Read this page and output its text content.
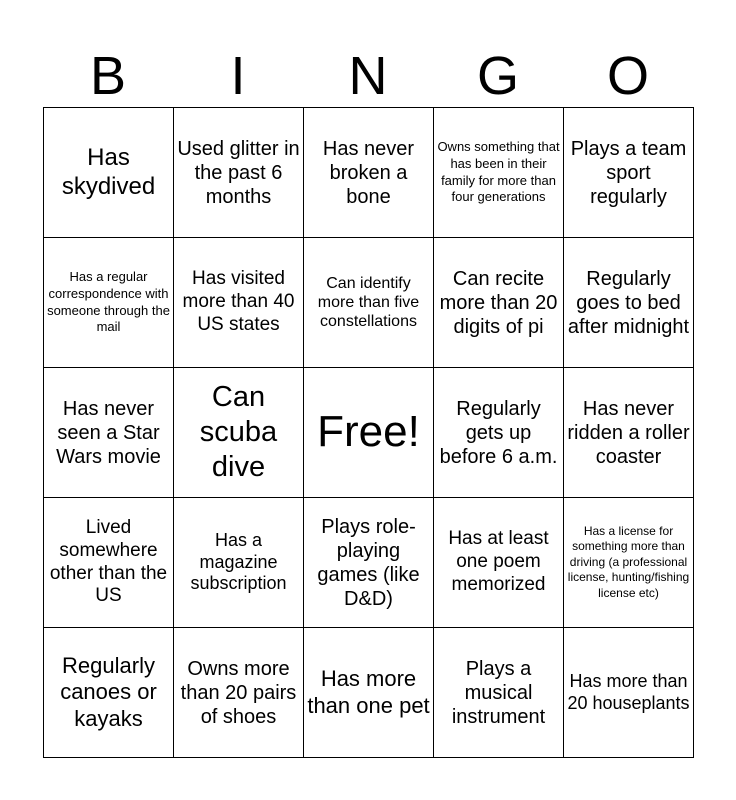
B	I	N	G	O
Has skydived	Used glitter in the past 6 months	Has never broken a bone	Owns something that has been in their family for more than four generations	Plays a team sport regularly
Has a regular correspondence with someone through the mail	Has visited more than 40 US states	Can identify more than five constellations	Can recite more than 20 digits of pi	Regularly goes to bed after midnight
Has never seen a Star Wars movie	Can scuba dive	Free!	Regularly gets up before 6 a.m.	Has never ridden a roller coaster
Lived somewhere other than the US	Has a magazine subscription	Plays role-playing games (like D&D)	Has at least one poem memorized	Has a license for something more than driving (a professional license, hunting/fishing license etc)
Regularly canoes or kayaks	Owns more than 20 pairs of shoes	Has more than one pet	Plays a musical instrument	Has more than 20 houseplants
